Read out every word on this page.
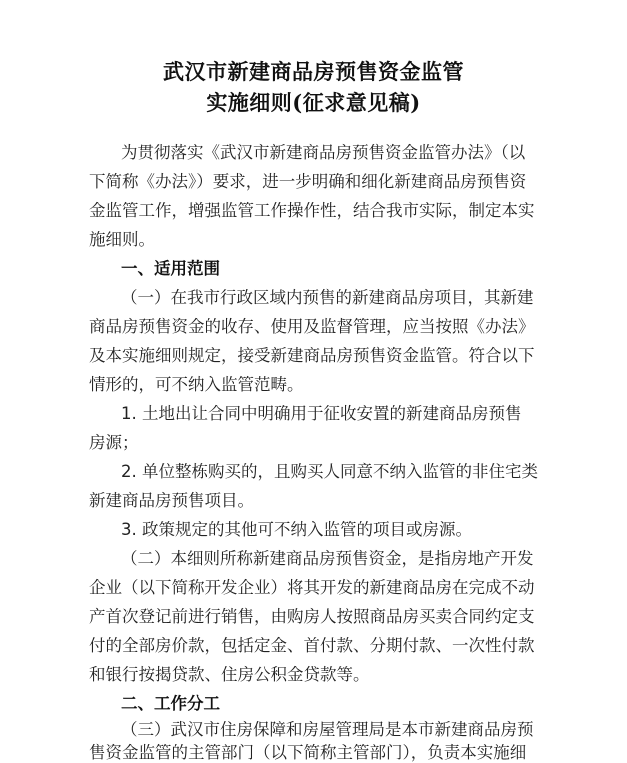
武汉市新建商品房预售资金监管
实施细则(征求意见稿)
为贯彻落实《武汉市新建商品房预售资金监管办法》（以
下简称《办法》）要求，进一步明确和细化新建商品房预售资
金监管工作，增强监管工作操作性，结合我市实际，制定本实
施细则。
一、适用范围
（一）在我市行政区域内预售的新建商品房项目，其新建
商品房预售资金的收存、使用及监督管理，应当按照《办法》
及本实施细则规定，接受新建商品房预售资金监管。符合以下
情形的，可不纳入监管范畴。
1. 土地出让合同中明确用于征收安置的新建商品房预售
房源；
2. 单位整栋购买的，且购买人同意不纳入监管的非住宅类
新建商品房预售项目。
3. 政策规定的其他可不纳入监管的项目或房源。
（二）本细则所称新建商品房预售资金，是指房地产开发
企业（以下简称开发企业）将其开发的新建商品房在完成不动
产首次登记前进行销售，由购房人按照商品房买卖合同约定支
付的全部房价款，包括定金、首付款、分期付款、一次性付款
和银行按揭贷款、住房公积金贷款等。
二、工作分工
（三）武汉市住房保障和房屋管理局是本市新建商品房预
售资金监管的主管部门（以下简称主管部门），负责本实施细
